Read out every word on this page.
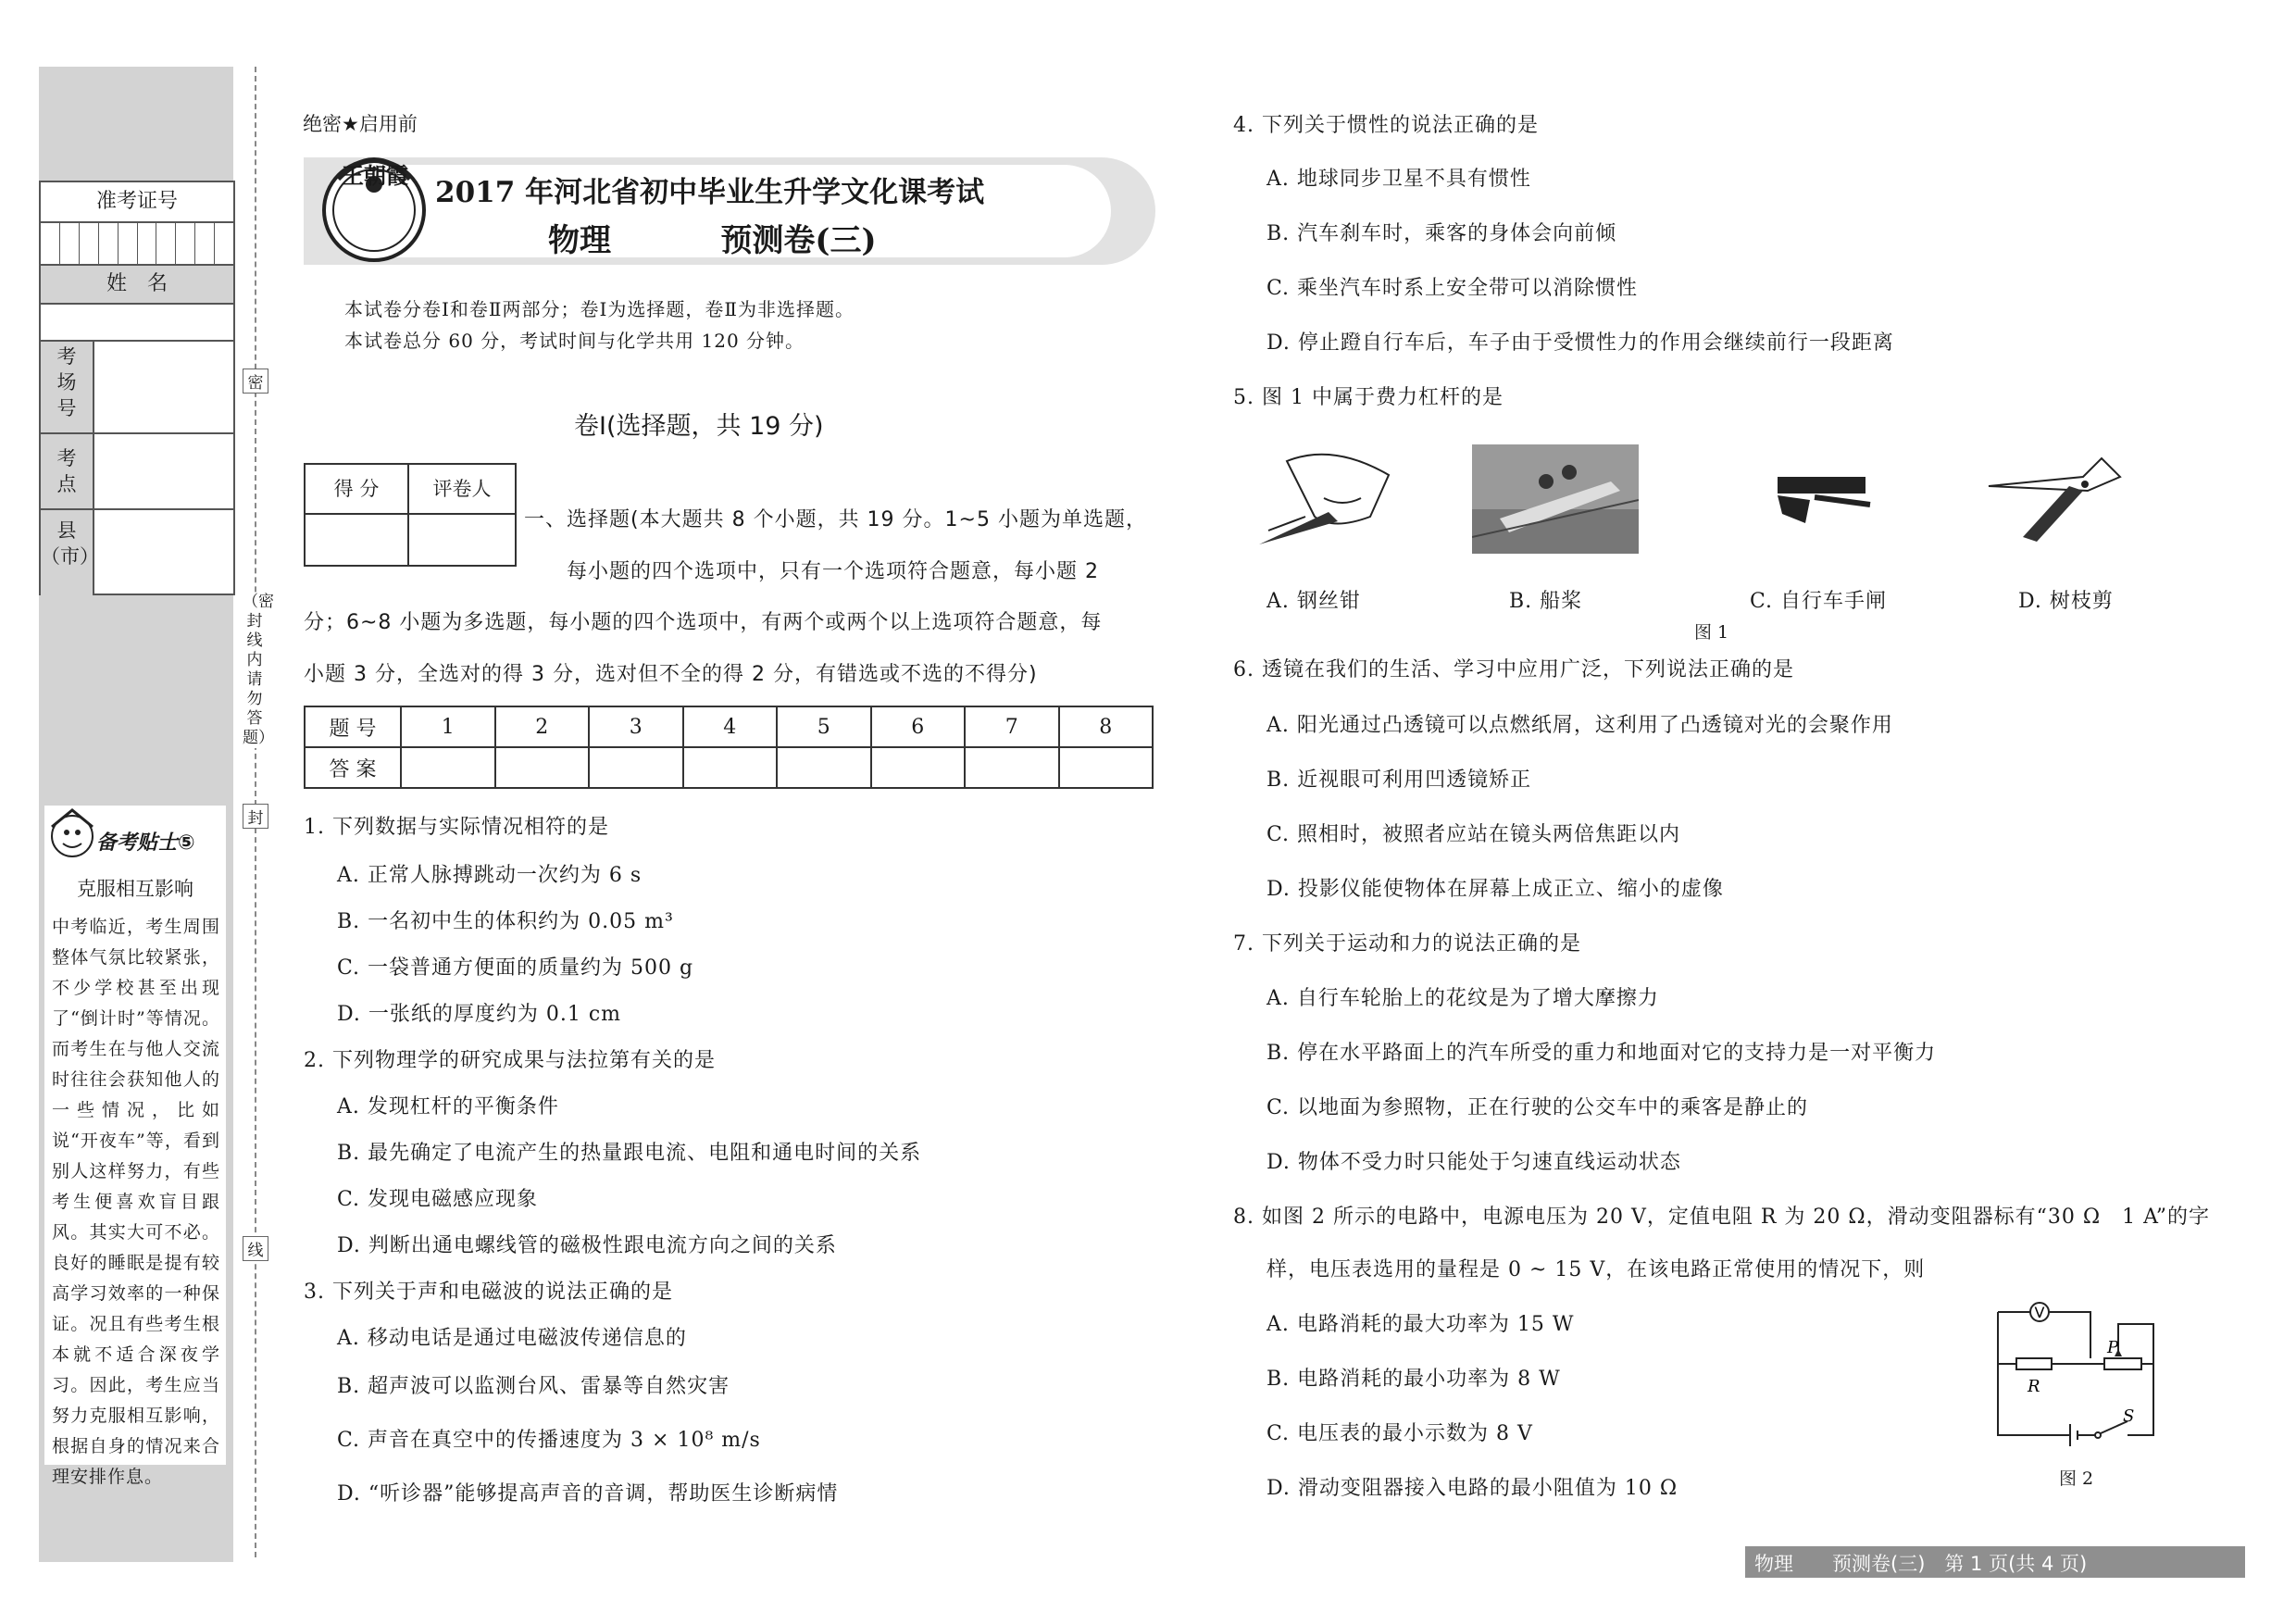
准考证号
姓　名
考
场
号
考
点
县
（市）
备考贴士⑤
克服相互影响
中考临近，考生周围整体气氛比较紧张，不少学校甚至出现了“倒计时”等情况。而考生在与他人交流时往往会获知他人的一些情况，比如说“开夜车”等，看到别人这样努力，有些考生便喜欢盲目跟风。其实大可不必。良好的睡眠是提有较高学习效率的一种保证。况且有些考生根本就不适合深夜学习。因此，考生应当努力克服相互影响，根据自身的情况来合理安排作息。
密
（密封线内请勿答题）
封
线
绝密★启用前
王朝霞
2017 年河北省初中毕业生升学文化课考试
物理	预测卷(三)
本试卷分卷Ⅰ和卷Ⅱ两部分；卷Ⅰ为选择题，卷Ⅱ为非选择题。
本试卷总分 60 分，考试时间与化学共用 120 分钟。
卷Ⅰ(选择题，共 19 分)
得 分	评卷人
一、选择题(本大题共 8 个小题，共 19 分。1~5 小题为单选题，
每小题的四个选项中，只有一个选项符合题意，每小题 2
分；6~8 小题为多选题，每小题的四个选项中，有两个或两个以上选项符合题意，每
小题 3 分，全选对的得 3 分，选对但不全的得 2 分，有错选或不选的不得分)
题 号	1	2	3	4	5	6	7	8
答 案								
1. 下列数据与实际情况相符的是
A. 正常人脉搏跳动一次约为 6 s
B. 一名初中生的体积约为 0.05 m³
C. 一袋普通方便面的质量约为 500 g
D. 一张纸的厚度约为 0.1 cm
2. 下列物理学的研究成果与法拉第有关的是
A. 发现杠杆的平衡条件
B. 最先确定了电流产生的热量跟电流、电阻和通电时间的关系
C. 发现电磁感应现象
D. 判断出通电螺线管的磁极性跟电流方向之间的关系
3. 下列关于声和电磁波的说法正确的是
A. 移动电话是通过电磁波传递信息的
B. 超声波可以监测台风、雷暴等自然灾害
C. 声音在真空中的传播速度为 3 × 10⁸ m/s
D. “听诊器”能够提高声音的音调，帮助医生诊断病情
4. 下列关于惯性的说法正确的是
A. 地球同步卫星不具有惯性
B. 汽车刹车时，乘客的身体会向前倾
C. 乘坐汽车时系上安全带可以消除惯性
D. 停止蹬自行车后，车子由于受惯性力的作用会继续前行一段距离
5. 图 1 中属于费力杠杆的是
A. 钢丝钳	B. 船桨	C. 自行车手闸	D. 树枝剪
图 1
6. 透镜在我们的生活、学习中应用广泛，下列说法正确的是
A. 阳光通过凸透镜可以点燃纸屑，这利用了凸透镜对光的会聚作用
B. 近视眼可利用凹透镜矫正
C. 照相时，被照者应站在镜头两倍焦距以内
D. 投影仪能使物体在屏幕上成正立、缩小的虚像
7. 下列关于运动和力的说法正确的是
A. 自行车轮胎上的花纹是为了增大摩擦力
B. 停在水平路面上的汽车所受的重力和地面对它的支持力是一对平衡力
C. 以地面为参照物，正在行驶的公交车中的乘客是静止的
D. 物体不受力时只能处于匀速直线运动状态
8. 如图 2 所示的电路中，电源电压为 20 V，定值电阻 R 为 20 Ω，滑动变阻器标有“30 Ω　1 A”的字
样，电压表选用的量程是 0 ~ 15 V，在该电路正常使用的情况下，则
A. 电路消耗的最大功率为 15 W
B. 电路消耗的最小功率为 8 W
C. 电压表的最小示数为 8 V
D. 滑动变阻器接入电路的最小阻值为 10 Ω
V
P
R
S
图 2
物理　　预测卷(三)　第 1 页(共 4 页)
